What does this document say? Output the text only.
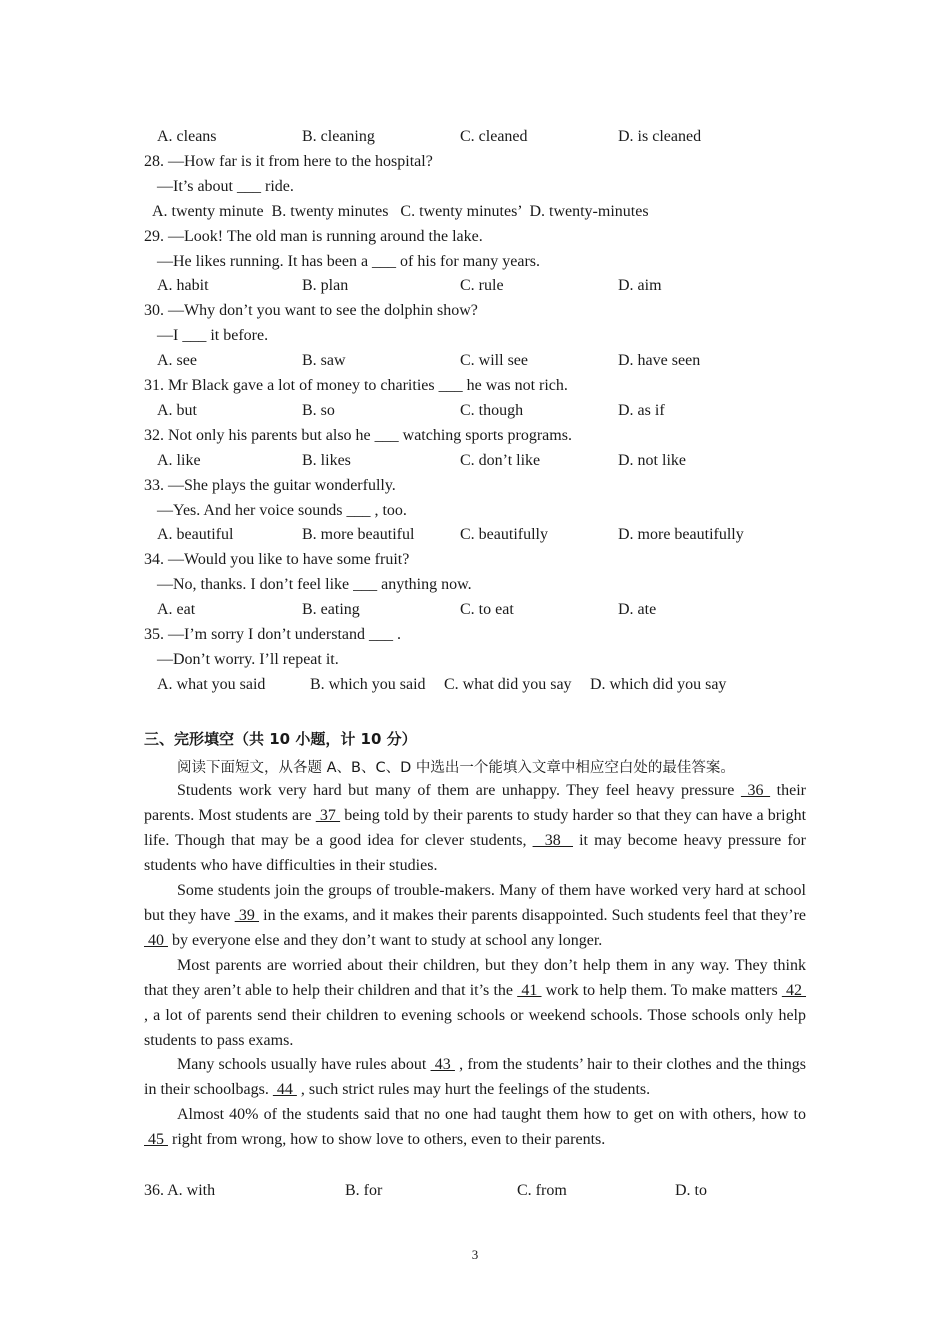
A. cleans	B. cleaning	C. cleaned	D. is cleaned
28. —How far is it from here to the hospital?
—It’s about ___ ride.
A. twenty minute  B. twenty minutes   C. twenty minutes’  D. twenty-minutes
29. —Look! The old man is running around the lake.
—He likes running. It has been a ___ of his for many years.
A. habit	B. plan	C. rule	D. aim
30. —Why don’t you want to see the dolphin show?
—I ___ it before.
A. see	B. saw	C. will see	D. have seen
31. Mr Black gave a lot of money to charities ___ he was not rich.
A. but	B. so	C. though	D. as if
32. Not only his parents but also he ___ watching sports programs.
A. like	B. likes	C. don’t like	D. not like
33. —She plays the guitar wonderfully.
—Yes. And her voice sounds ___ , too.
A. beautiful	B. more beautiful	C. beautifully	D. more beautifully
34. —Would you like to have some fruit?
—No, thanks. I don’t feel like ___ anything now.
A. eat	B. eating	C. to eat	D. ate
35. —I’m sorry I don’t understand ___ .
—Don’t worry. I’ll repeat it.
A. what you said	B. which you said C. what did you say D. which did you say
三、完形填空（共 10 小题，计 10 分）
阅读下面短文，从各题 A、B、C、D 中选出一个能填入文章中相应空白处的最佳答案。
Students work very hard but many of them are unhappy. They feel heavy pressure  36  their parents. Most students are  37  being told by their parents to study harder so that they can have a bright life. Though that may be a good idea for clever students,   38   it may become heavy pressure for students who have difficulties in their studies.
Some students join the groups of trouble-makers. Many of them have worked very hard at school but they have  39  in the exams, and it makes their parents disappointed. Such students feel that they’re  40  by everyone else and they don’t want to study at school any longer.
Most parents are worried about their children, but they don’t help them in any way. They think that they aren’t able to help their children and that it’s the  41  work to help them. To make matters  42  , a lot of parents send their children to evening schools or weekend schools. Those schools only help students to pass exams.
Many schools usually have rules about  43  , from the students’ hair to their clothes and the things in their schoolbags.  44  , such strict rules may hurt the feelings of the students.
Almost 40% of the students said that no one had taught them how to get on with others, how to  45  right from wrong, how to show love to others, even to their parents.
36. A. with	B. for	C. from	D. to
3
